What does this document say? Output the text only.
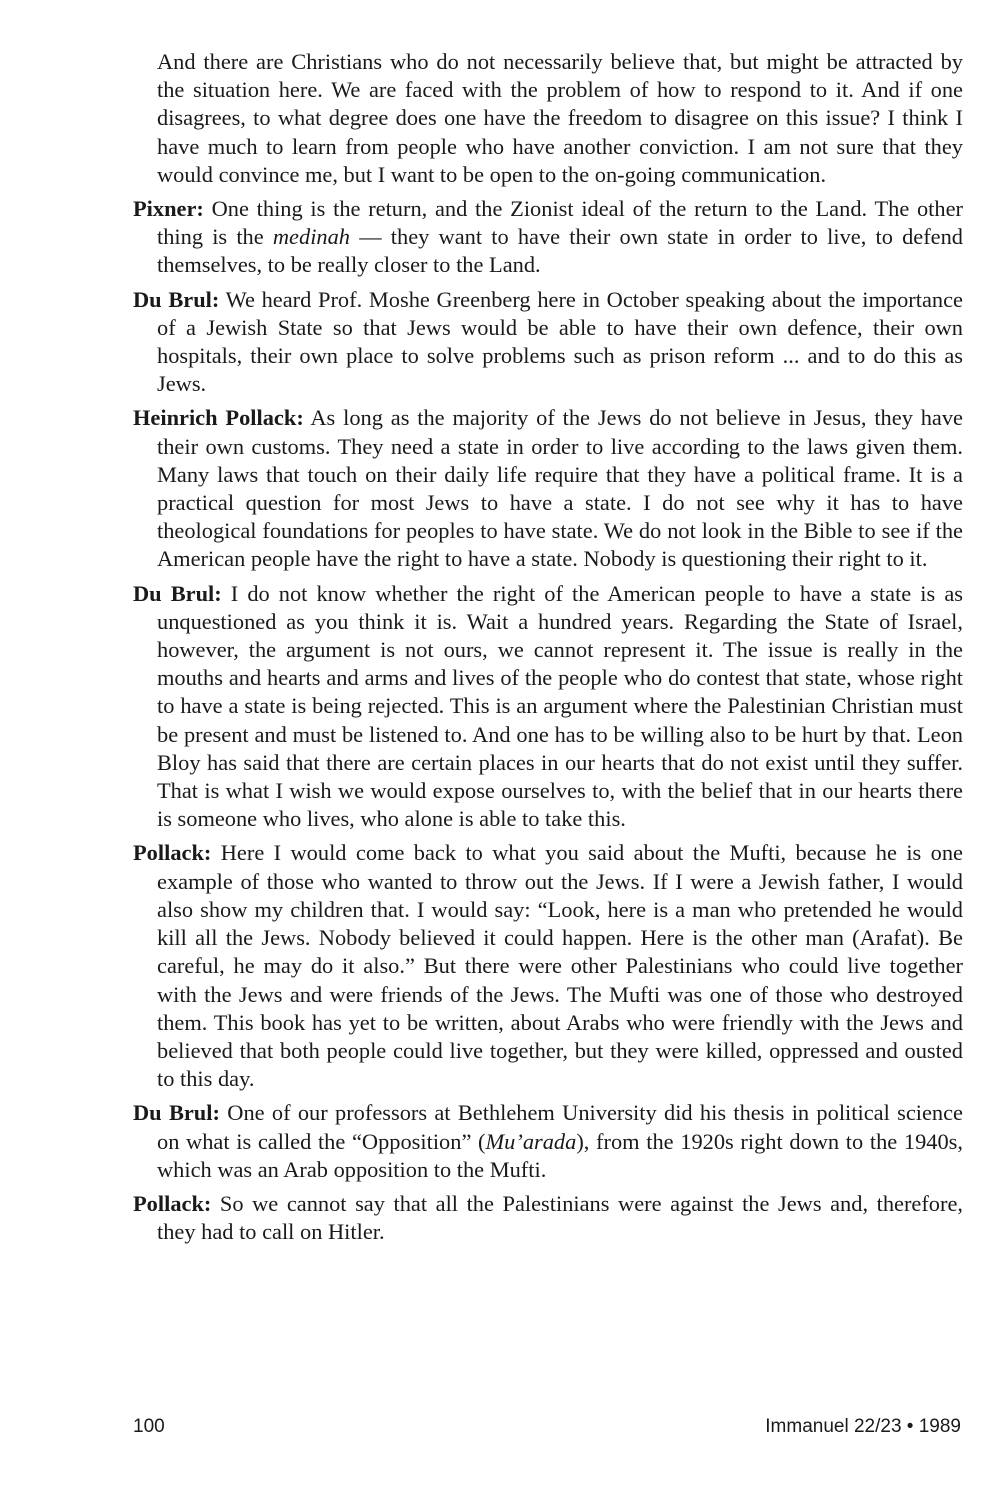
And there are Christians who do not necessarily believe that, but might be attracted by the situation here. We are faced with the problem of how to respond to it. And if one disagrees, to what degree does one have the freedom to disagree on this issue? I think I have much to learn from people who have another conviction. I am not sure that they would convince me, but I want to be open to the on-going communication.

Pixner: One thing is the return, and the Zionist ideal of the return to the Land. The other thing is the medinah — they want to have their own state in order to live, to defend themselves, to be really closer to the Land.

Du Brul: We heard Prof. Moshe Greenberg here in October speaking about the importance of a Jewish State so that Jews would be able to have their own defence, their own hospitals, their own place to solve problems such as prison reform ... and to do this as Jews.

Heinrich Pollack: As long as the majority of the Jews do not believe in Jesus, they have their own customs. They need a state in order to live according to the laws given them. Many laws that touch on their daily life require that they have a political frame. It is a practical question for most Jews to have a state. I do not see why it has to have theological foundations for peoples to have state. We do not look in the Bible to see if the American people have the right to have a state. Nobody is questioning their right to it.

Du Brul: I do not know whether the right of the American people to have a state is as unquestioned as you think it is. Wait a hundred years. Regarding the State of Israel, however, the argument is not ours, we cannot represent it. The issue is really in the mouths and hearts and arms and lives of the people who do contest that state, whose right to have a state is being rejected. This is an argument where the Palestinian Christian must be present and must be listened to. And one has to be willing also to be hurt by that. Leon Bloy has said that there are certain places in our hearts that do not exist until they suffer. That is what I wish we would expose ourselves to, with the belief that in our hearts there is someone who lives, who alone is able to take this.

Pollack: Here I would come back to what you said about the Mufti, because he is one example of those who wanted to throw out the Jews. If I were a Jewish father, I would also show my children that. I would say: “Look, here is a man who pretended he would kill all the Jews. Nobody believed it could happen. Here is the other man (Arafat). Be careful, he may do it also.” But there were other Palestinians who could live together with the Jews and were friends of the Jews. The Mufti was one of those who destroyed them. This book has yet to be written, about Arabs who were friendly with the Jews and believed that both people could live together, but they were killed, oppressed and ousted to this day.

Du Brul: One of our professors at Bethlehem University did his thesis in political science on what is called the “Opposition” (Mu’arada), from the 1920s right down to the 1940s, which was an Arab opposition to the Mufti.

Pollack: So we cannot say that all the Palestinians were against the Jews and, therefore, they had to call on Hitler.

100	Immanuel 22/23 • 1989
